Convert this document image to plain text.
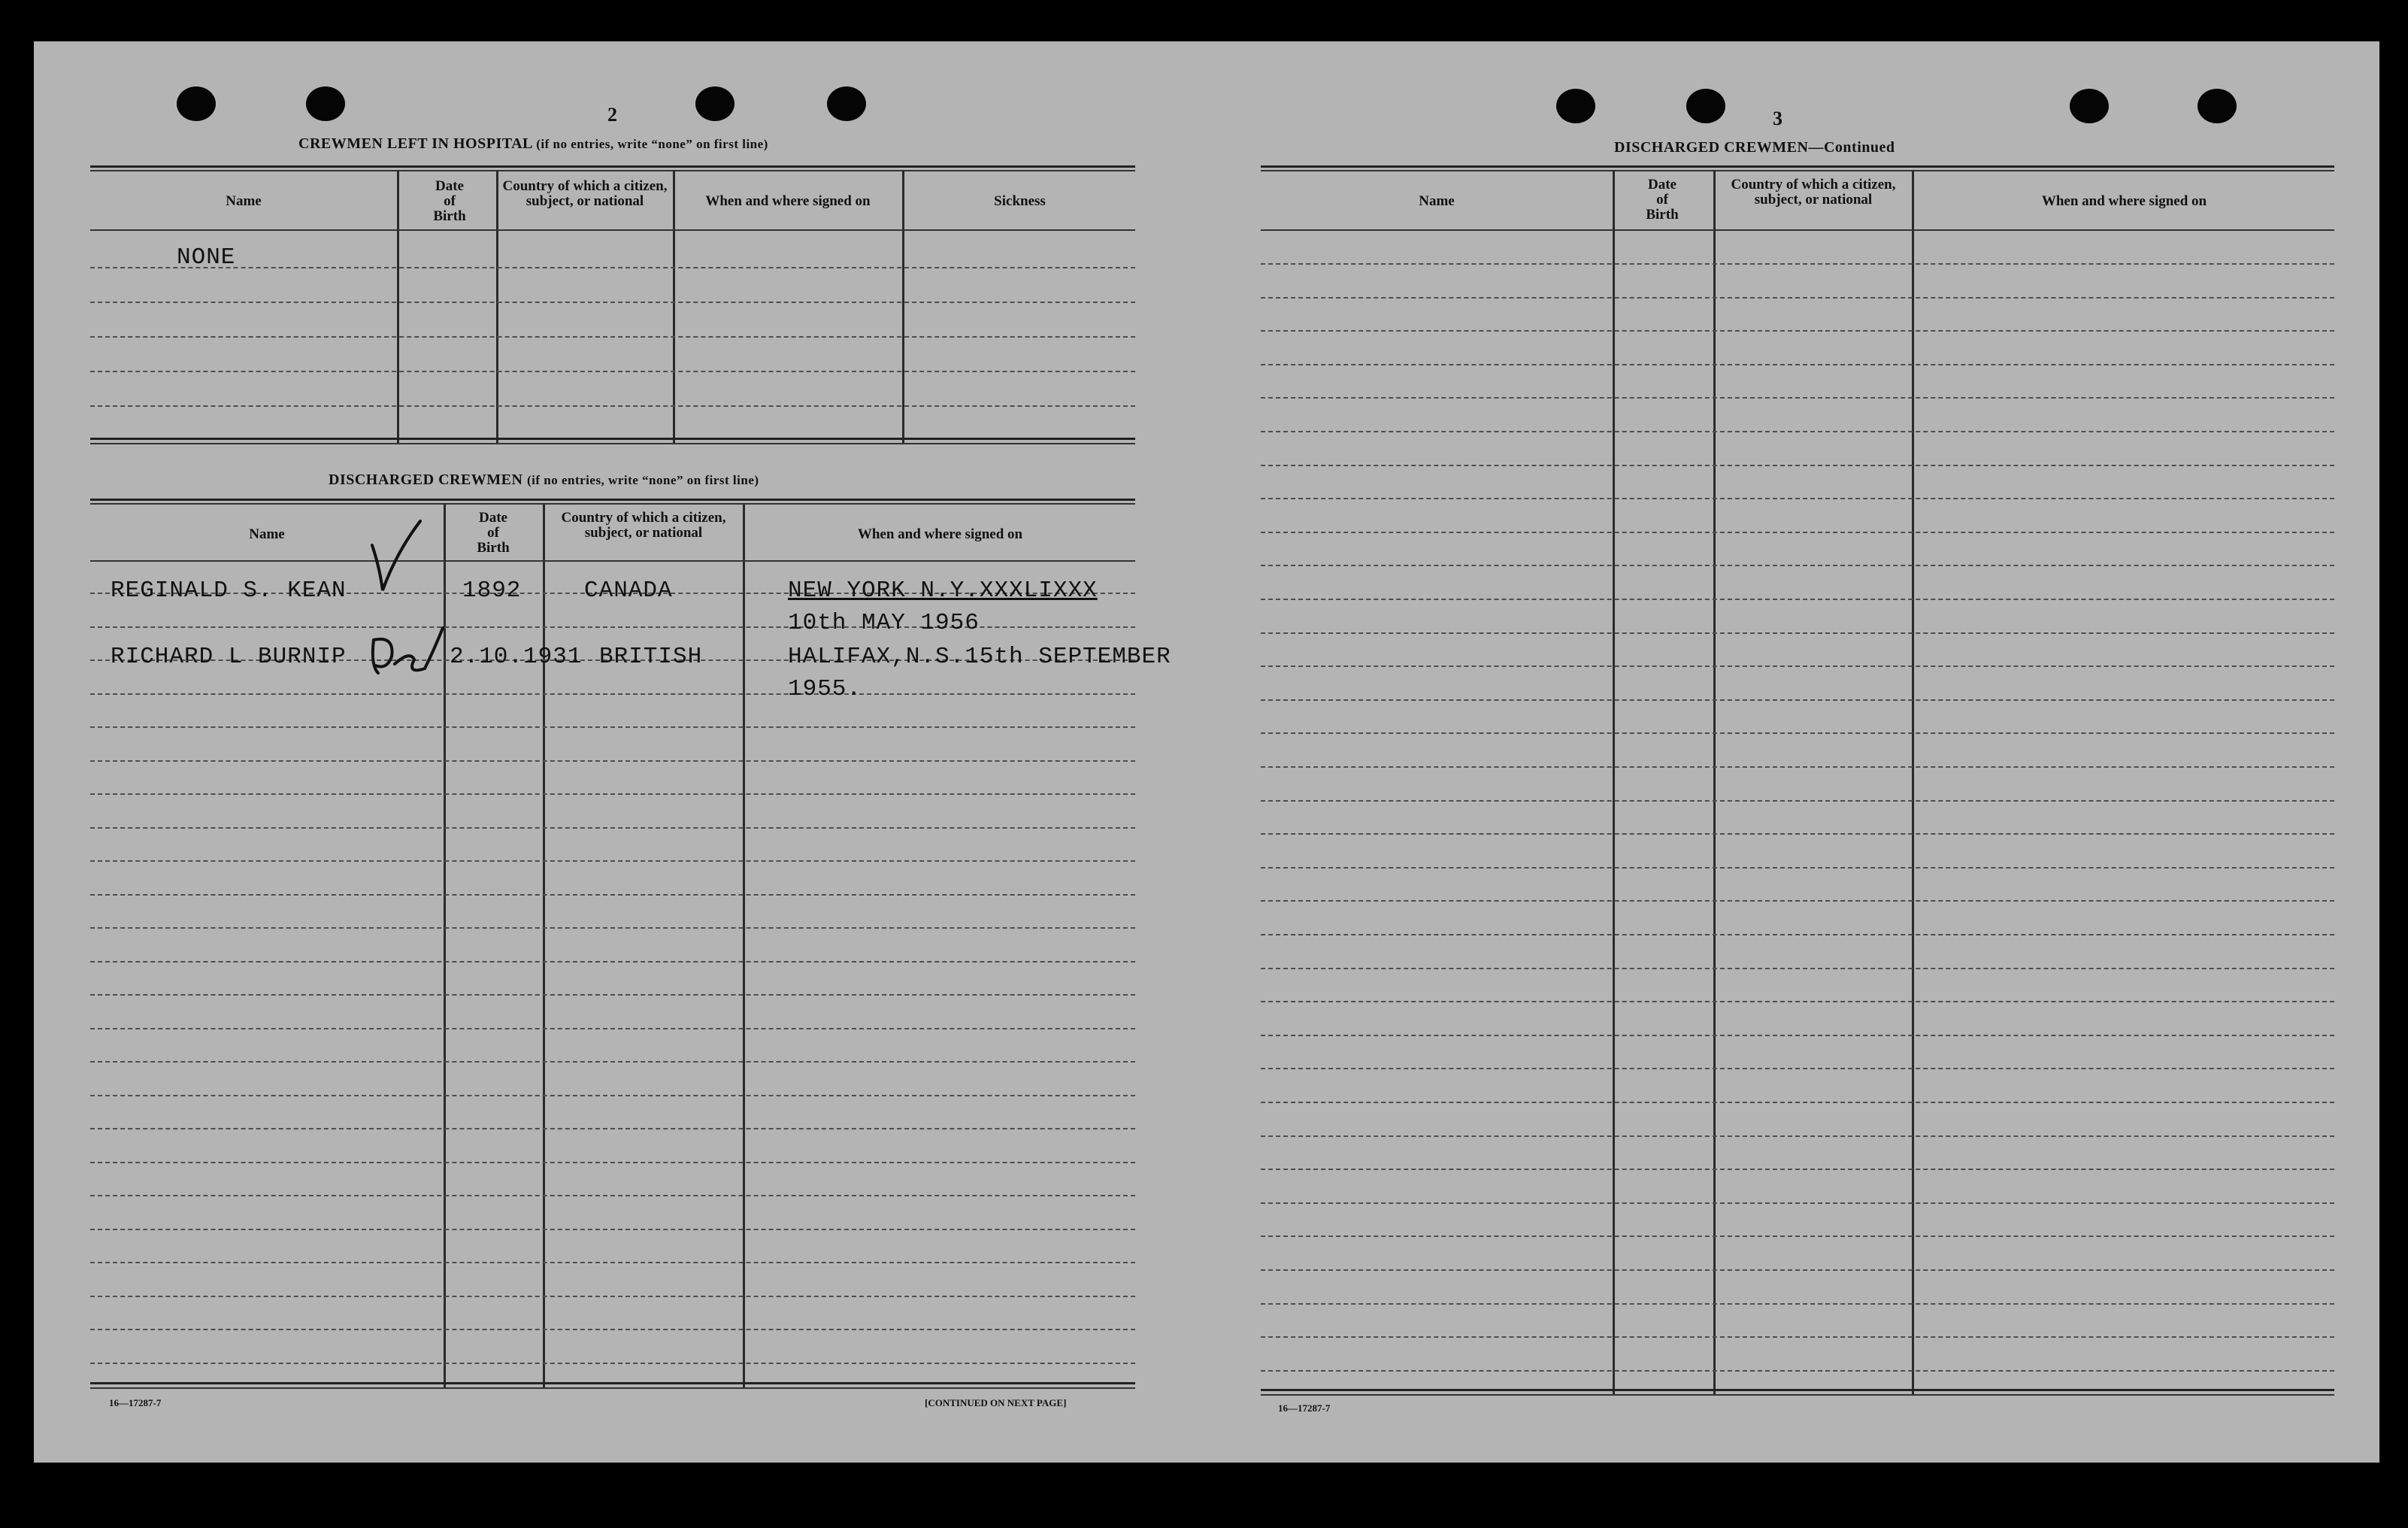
2
CREWMEN LEFT IN HOSPITAL (if no entries, write “none” on first line)
Name
Date of Birth
Country of which a citizen, subject, or national	When and where signed on	Sickness
NONE
DISCHARGED CREWMEN (if no entries, write “none” on first line)
Name
Date of Birth
Country of which a citizen, subject, or national	When and where signed on
REGINALD S. KEAN	1892	CANADA	NEW YORK N.Y.XXXLIXXX
10th MAY 1956
RICHARD L BURNIP	2.10.1931 BRITISH	HALIFAX,N.S.15th SEPTEMBER
1955.
16—17287-7	[CONTINUED ON NEXT PAGE]
3
DISCHARGED CREWMEN—Continued
Name
Date of Birth
Country of which a citizen, subject, or national	When and where signed on
16—17287-7
